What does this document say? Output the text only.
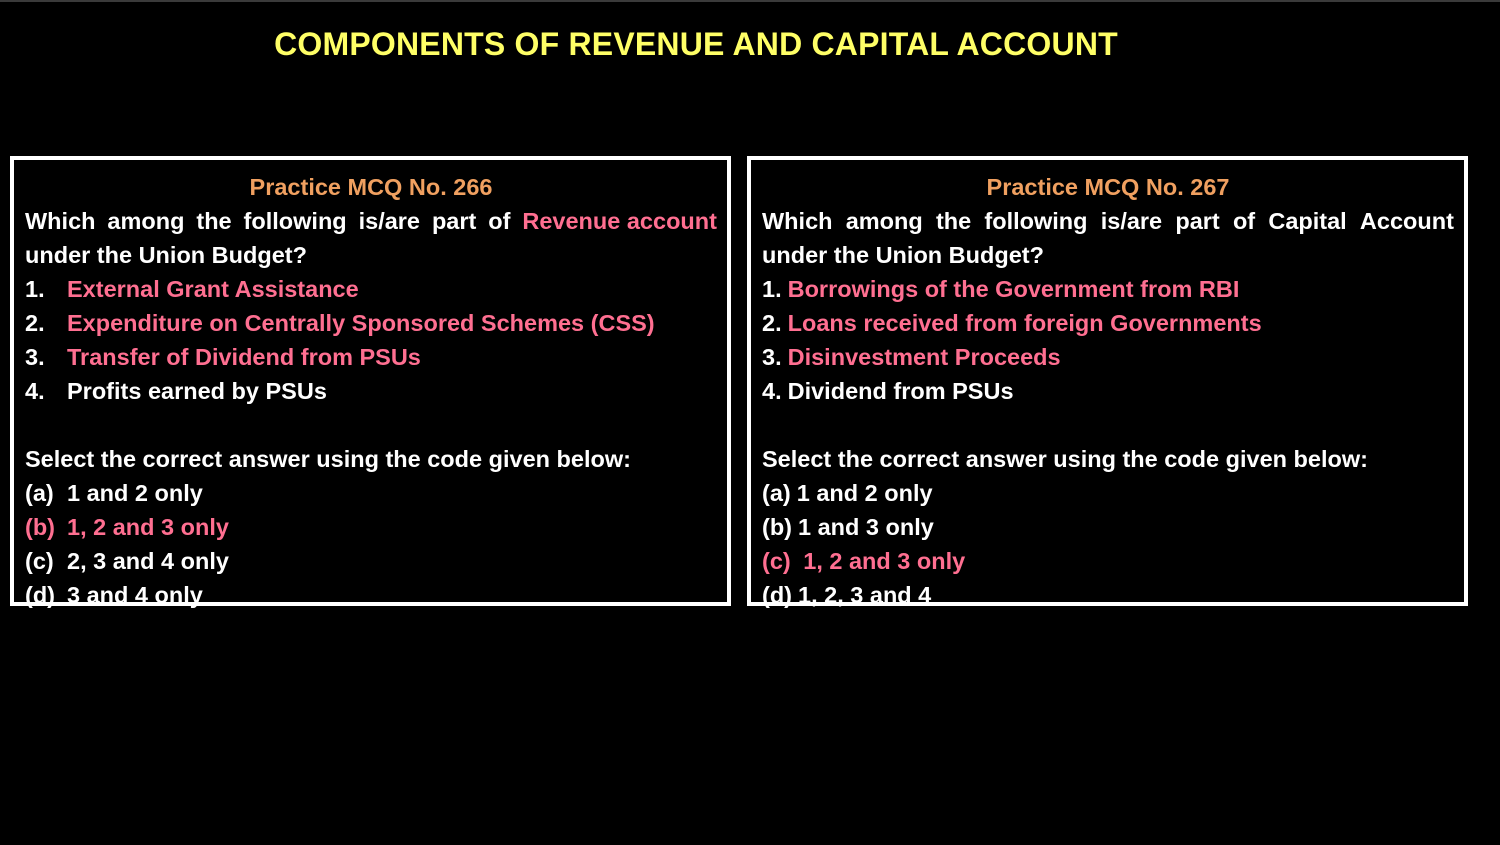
COMPONENTS OF REVENUE AND CAPITAL ACCOUNT
Practice MCQ No. 266
Which among the following is/are part of Revenue account
under the Union Budget?
1. External Grant Assistance
2. Expenditure on Centrally Sponsored Schemes (CSS)
3. Transfer of Dividend from PSUs
4. Profits earned by PSUs
Select the correct answer using the code given below:
(a) 1 and 2 only
(b) 1, 2 and 3 only
(c) 2, 3 and 4 only
(d) 3 and 4 only
Practice MCQ No. 267
Which among the following is/are part of Capital Account
under the Union Budget?
1. Borrowings of the Government from RBI
2. Loans received from foreign Governments
3. Disinvestment Proceeds
4. Dividend from PSUs
Select the correct answer using the code given below:
(a) 1 and 2 only
(b) 1 and 3 only
(c) 1, 2 and 3 only
(d) 1, 2, 3 and 4
